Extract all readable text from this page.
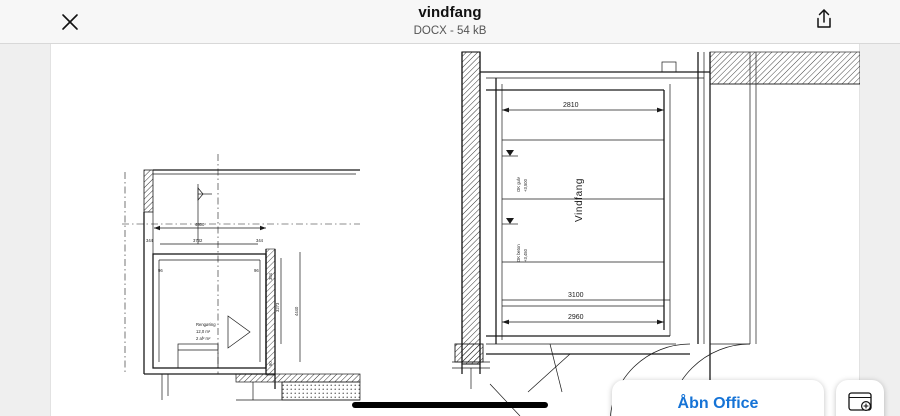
vindfang
DOCX - 54 kB
4800
3732
344	344
96	96
3273	4440
304
90
Rengøring
12,0 m²
2 af² m²
2810
3100
2960
OK gulv +3,500
OK beton +3,450
Vindfang
Åbn Office
